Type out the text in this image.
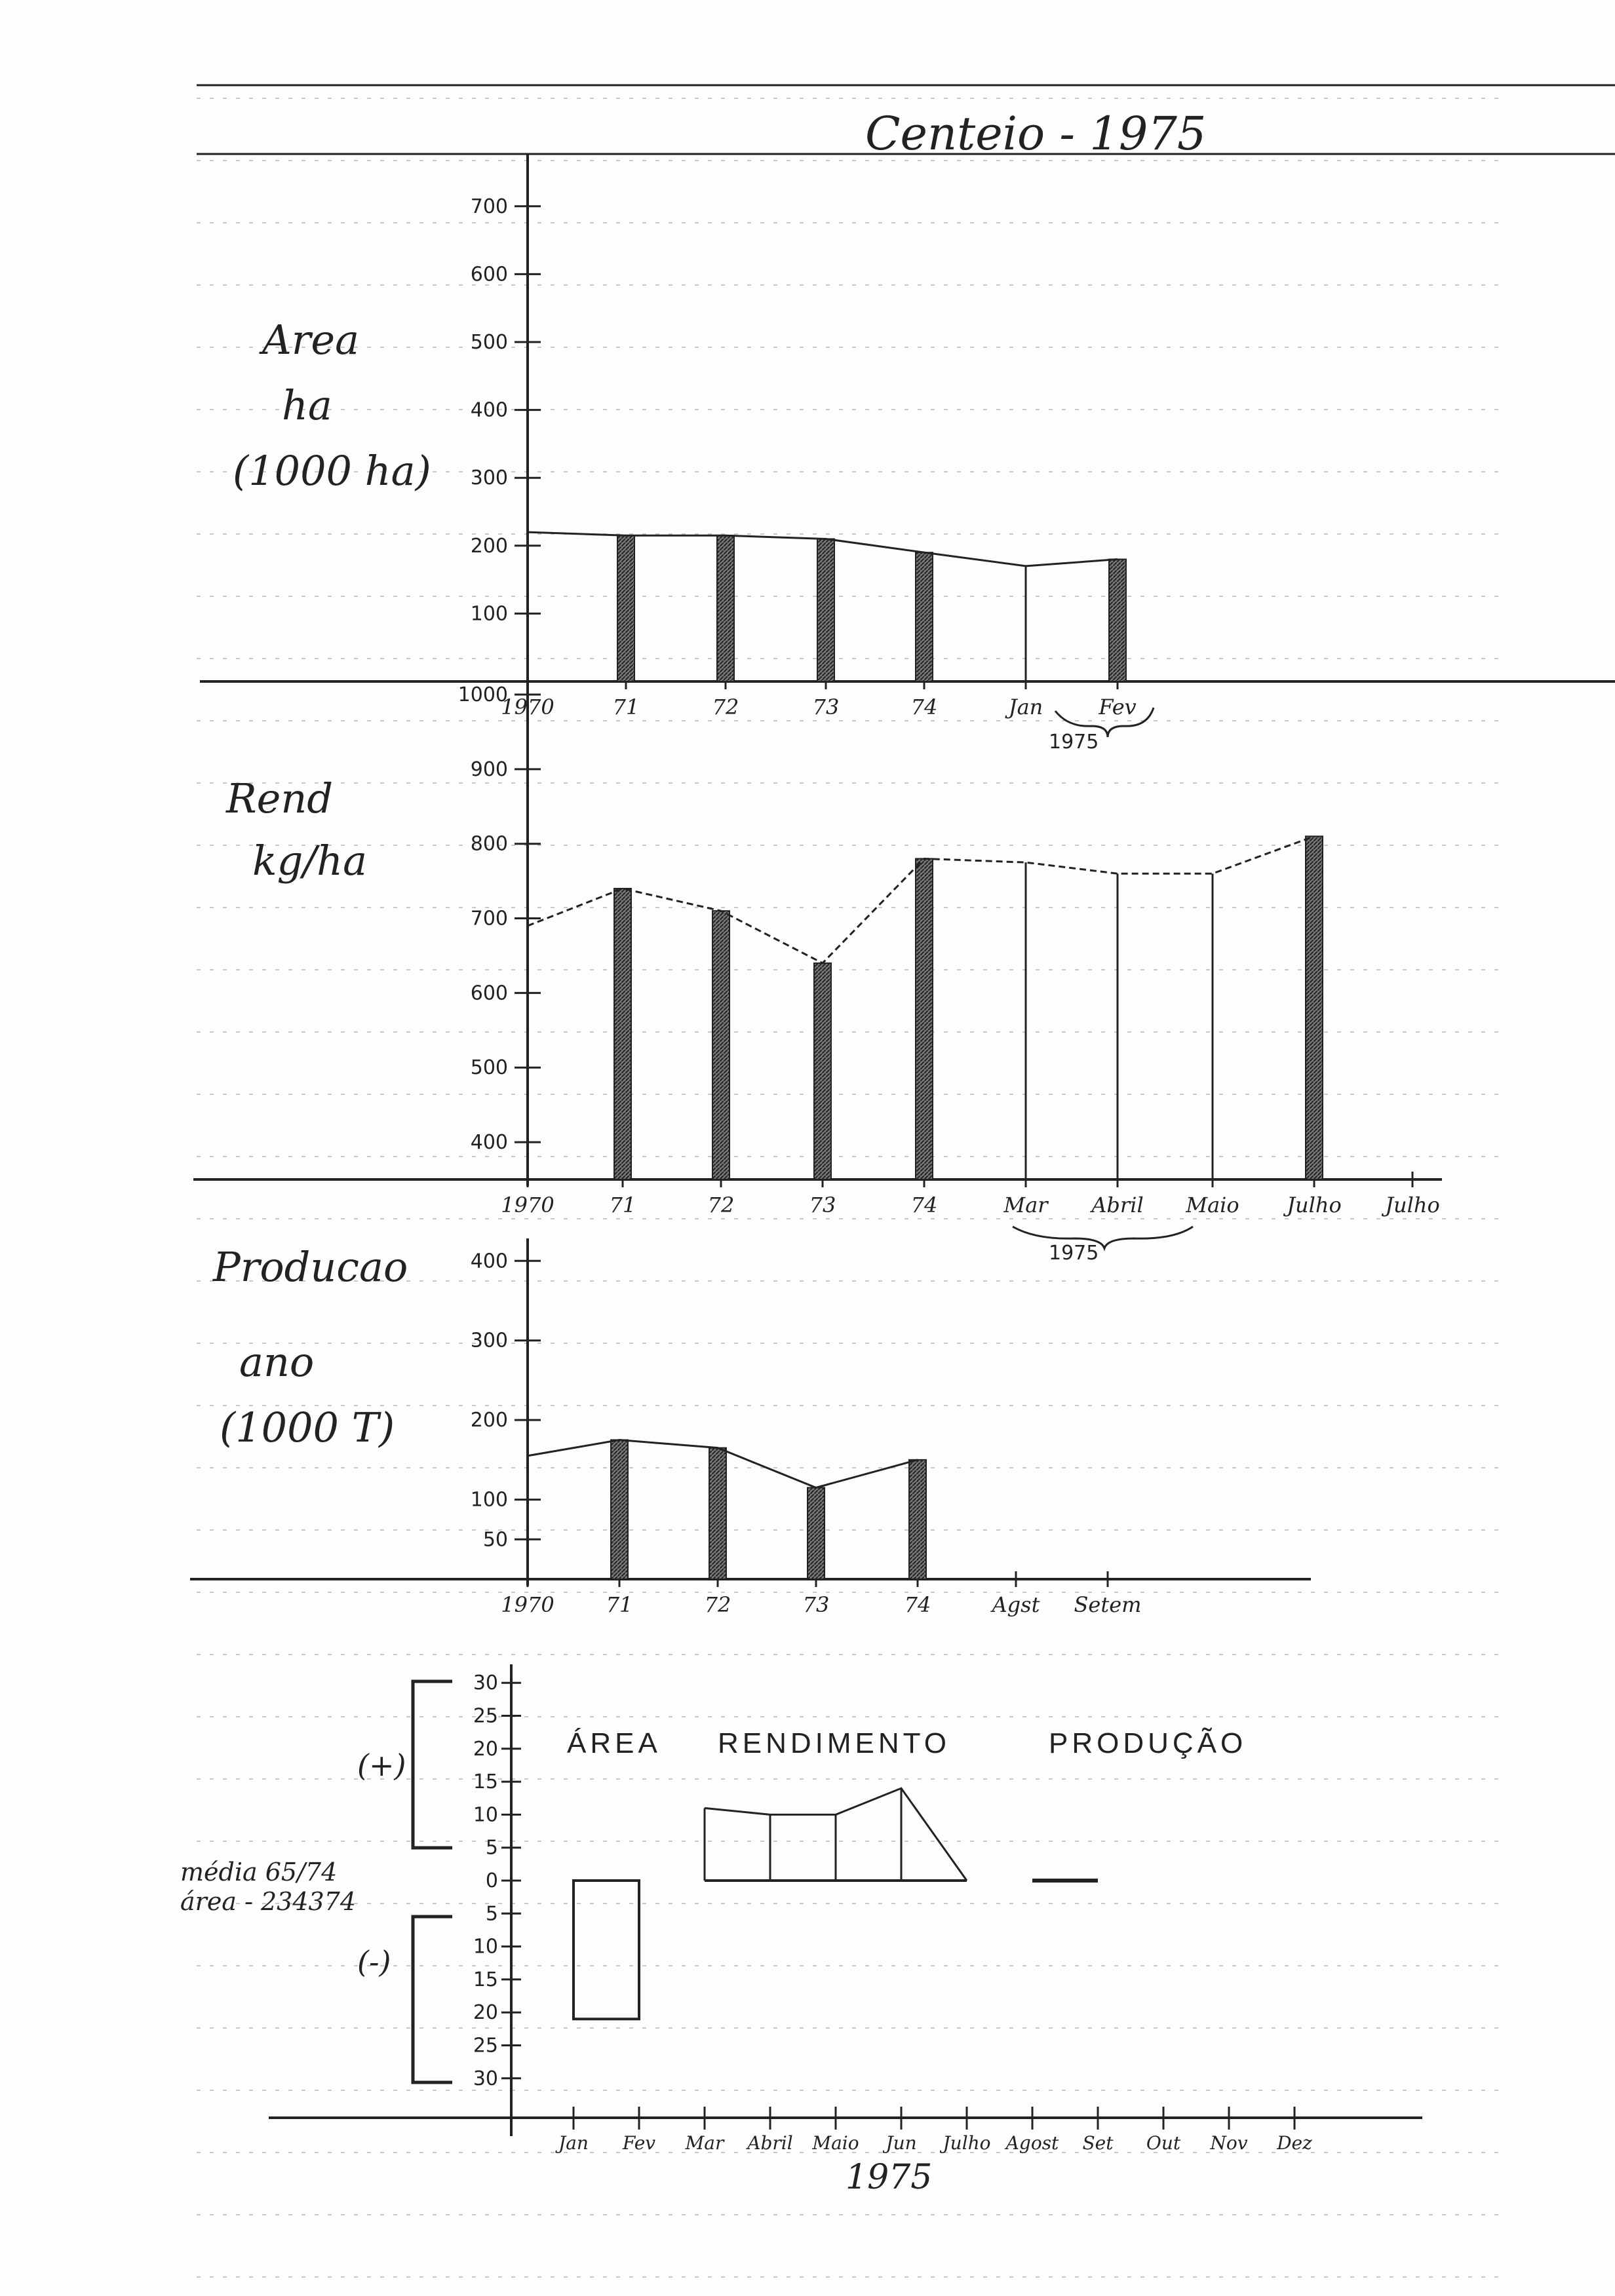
Centeio - 1975
Area
ha
(1000 ha)
100
200
300
400
500
600
700
1970	71	72	73	74	Jan	Fev
1975
Rend
kg/ha
400
500
600
700
800
900
1000
1970	71	72	73	74	Mar Abril Maio Julho Julho
1975
Producao
ano
(1000 T)
50
100
200
300
400
1970 71	72	73	74	Agst Setem
(+)
(-)
média 65/74
área - 234374
ÁREA RENDIMENTO	PRODUÇÃO
30
25
20
15
10
5
0
5
10
15
20
25
30
Jan Fev Mar Abril Maio Jun Julho Agost Set Out Nov Dez
1975
